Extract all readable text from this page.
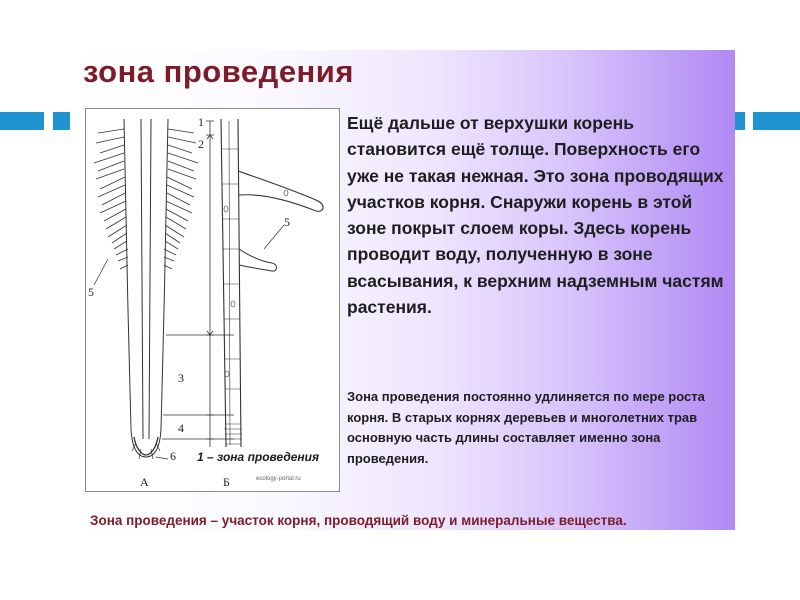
зона проведения
1
2
3
4
6
5
5
А	Б
1 – зона проведения
ecology-portal.ru

Ещё дальше от верхушки корень становится ещё толще. Поверхность его уже не такая нежная. Это зона проводящих участков корня. Снаружи корень в этой зоне покрыт слоем коры. Здесь корень проводит воду, полученную в зоне всасывания, к верхним надземным частям растения.

Зона проведения постоянно удлиняется по мере роста корня. В старых корнях деревьев и многолетних трав основную часть длины составляет именно зона проведения.

Зона проведения – участок корня, проводящий воду и минеральные вещества.
